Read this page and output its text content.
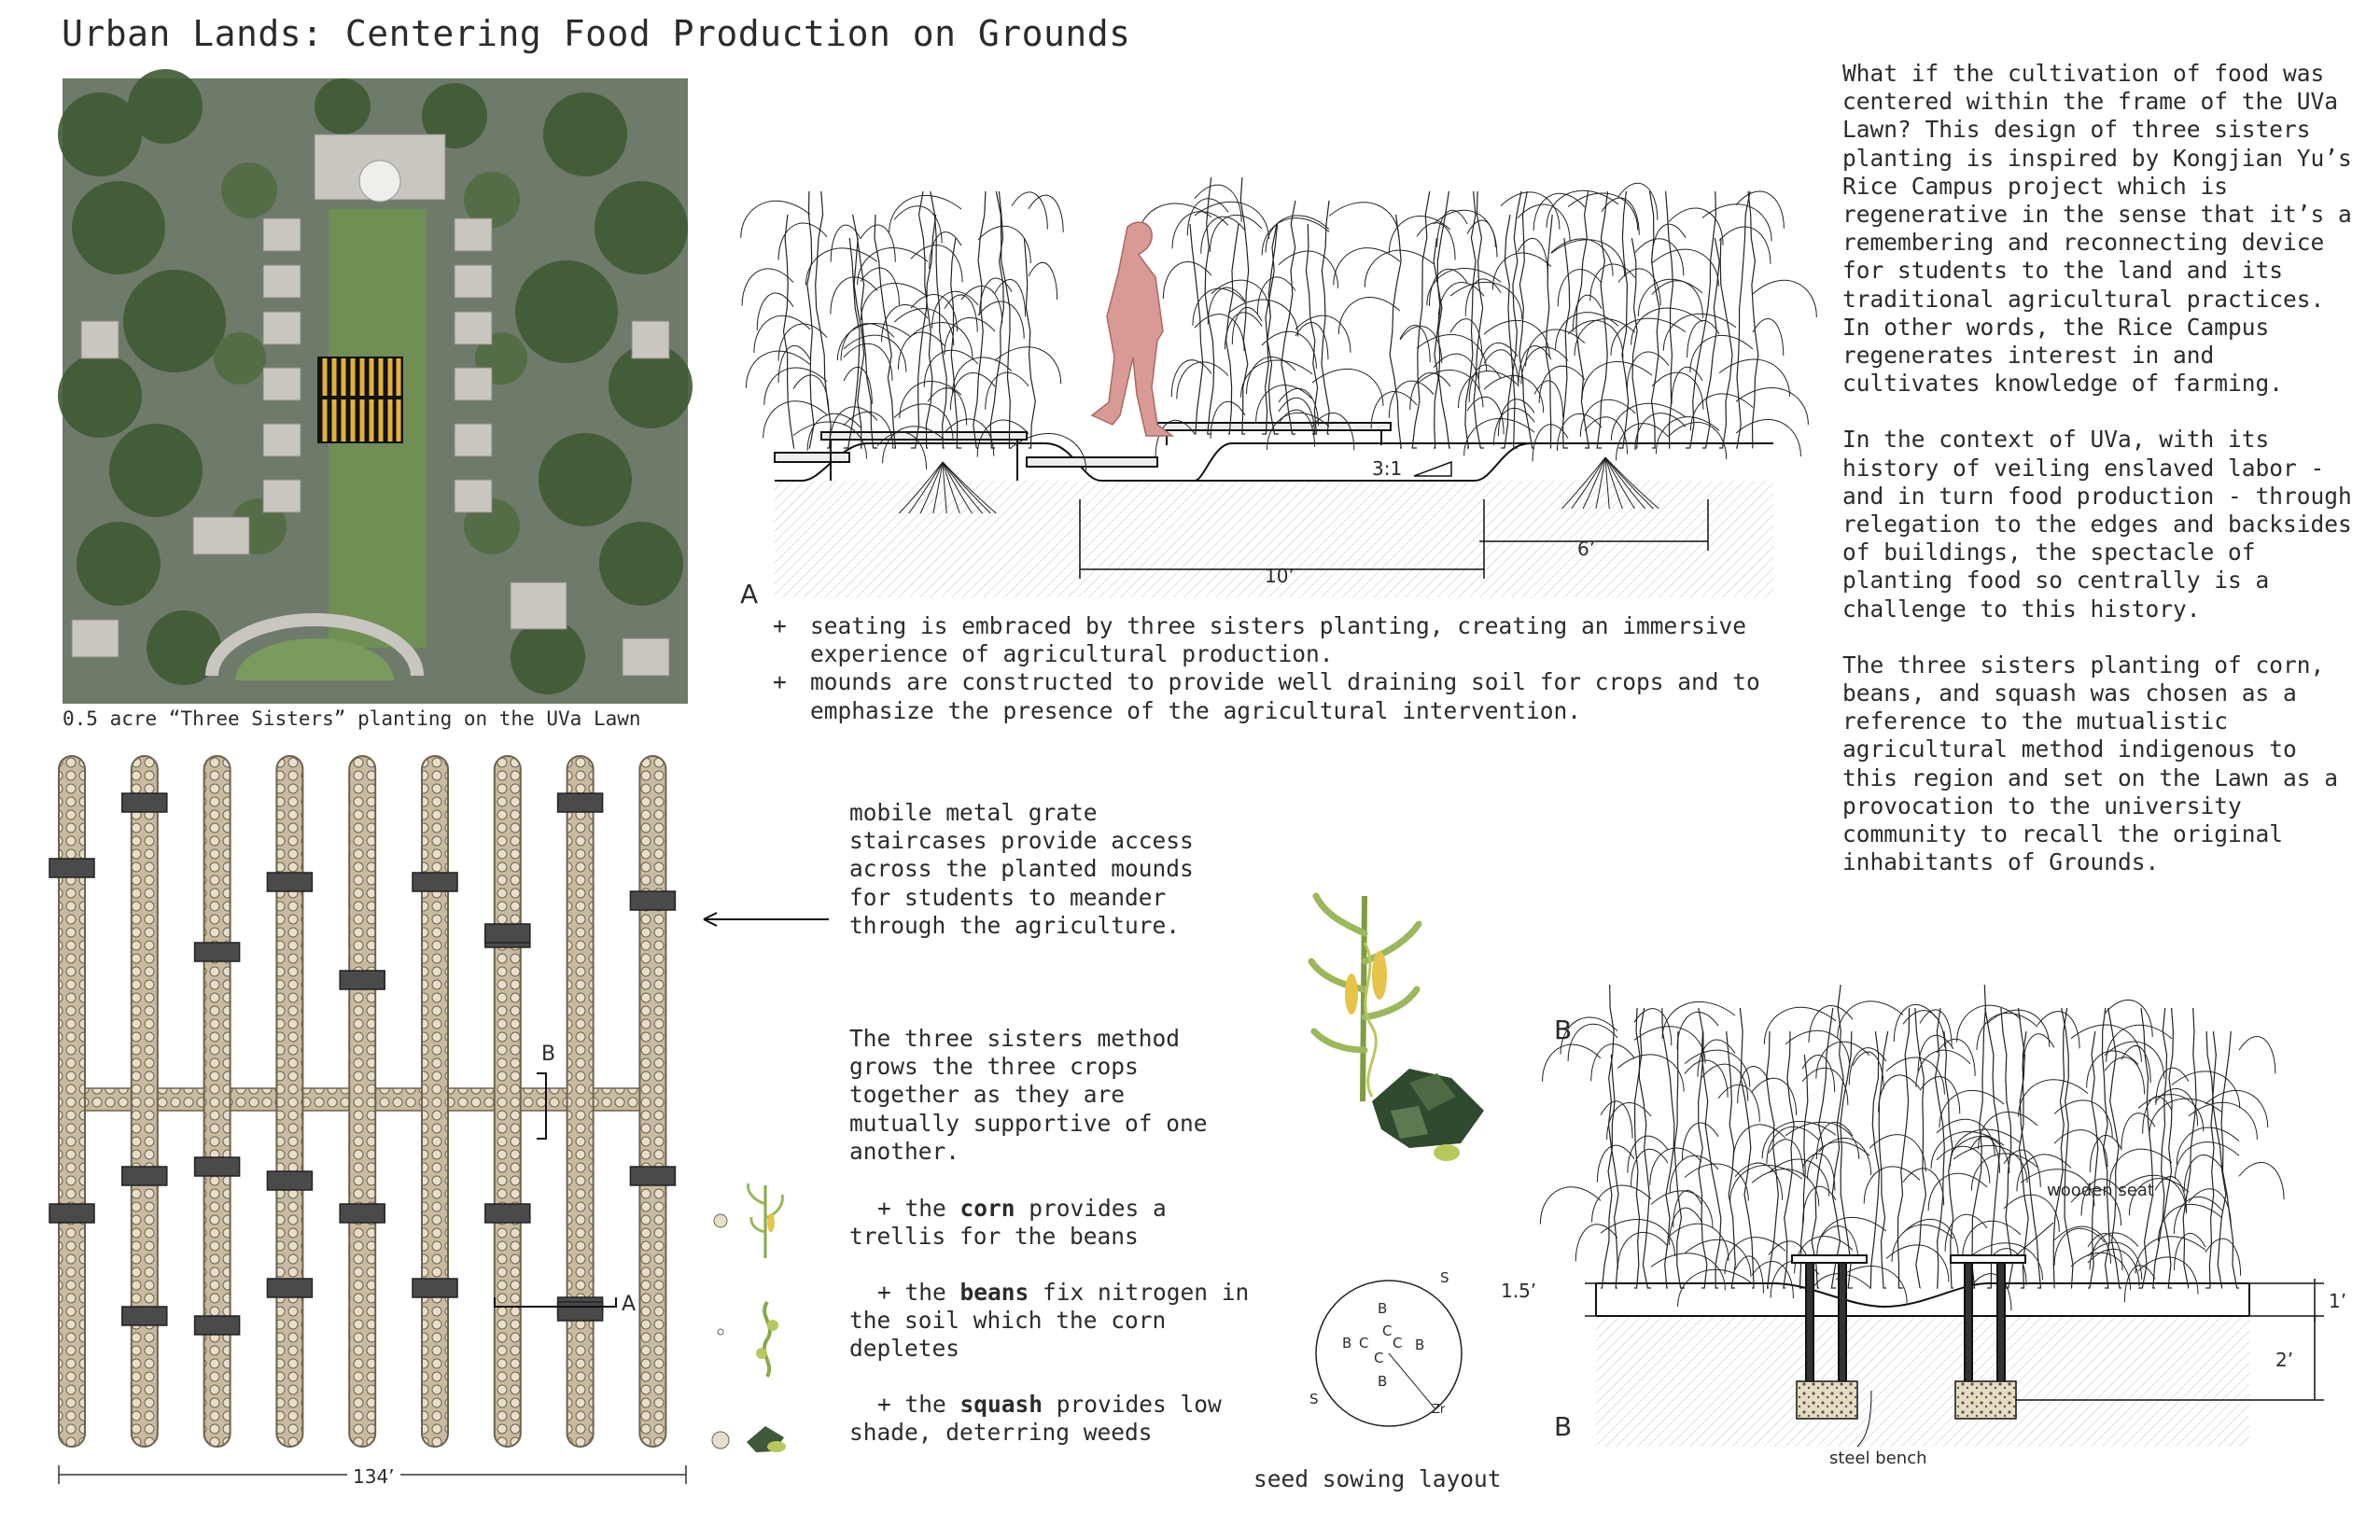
Urban Lands: Centering Food Production on Grounds
0.5 acre “Three Sisters” planting on the UVa Lawn
134’
B
A
3:1
10’
6’
A
+	seating is embraced by three sisters planting, creating an immersive experience of agricultural production.
+	mounds are constructed to provide well draining soil for crops and to emphasize the presence of the agricultural intervention.
mobile metal grate staircases provide access across the planted mounds for students to meander through the agriculture.
The three sisters method grows the three crops together as they are mutually supportive of one another.
+ the corn provides a trellis for the beans
+ the beans fix nitrogen in the soil which the corn depletes
+ the squash provides low shade, deterring weeds
B
C
B C C B
C
B
S
S
Zr
seed sowing layout
1.5’	1’
2’
wooden seat
steel bench
B
B

What if the cultivation of food was centered within the frame of the UVa Lawn? This design of three sisters planting is inspired by Kongjian Yu’s Rice Campus project which is regenerative in the sense that it’s a remembering and reconnecting device for students to the land and its traditional agricultural practices. In other words, the Rice Campus regenerates interest in and cultivates knowledge of farming.

In the context of UVa, with its history of veiling enslaved labor - and in turn food production - through relegation to the edges and backsides of buildings, the spectacle of planting food so centrally is a challenge to this history.

The three sisters planting of corn, beans, and squash was chosen as a reference to the mutualistic agricultural method indigenous to this region and set on the Lawn as a provocation to the university community to recall the original inhabitants of Grounds.
